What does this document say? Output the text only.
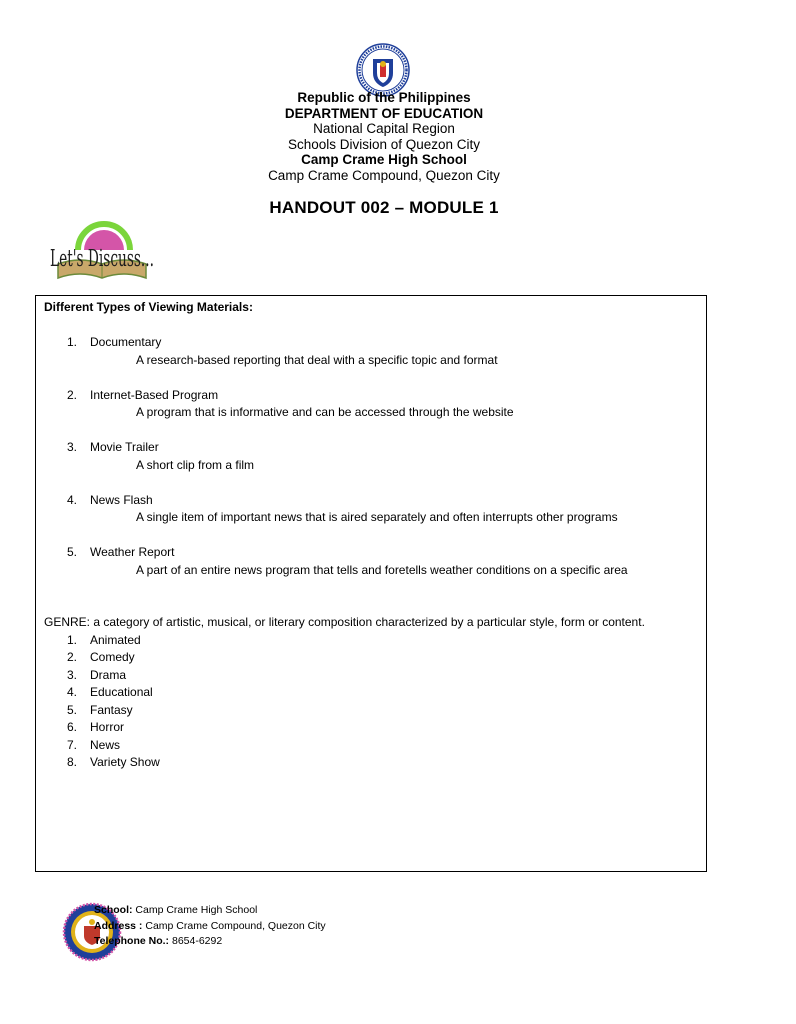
Republic of the Philippines
DEPARTMENT OF EDUCATION
National Capital Region
Schools Division of Quezon City
Camp Crame High School
Camp Crame Compound, Quezon City
HANDOUT 002 – MODULE 1
Let's Discuss...
Different Types of Viewing Materials:
1.	Documentary
A research-based reporting that deal with a specific topic and format
2.	Internet-Based Program
A program that is informative and can be accessed through the website
3.	Movie Trailer
A short clip from a film
4.	News Flash
A single item of important news that is aired separately and often interrupts other programs
5.	Weather Report
A part of an entire news program that tells and foretells weather conditions on a specific area
GENRE: a category of artistic, musical, or literary composition characterized by a particular style, form or content.
1.	Animated
2.	Comedy
3.	Drama
4.	Educational
5.	Fantasy
6.	Horror
7.	News
8.	Variety Show
School: Camp Crame High School
Address : Camp Crame Compound, Quezon City
Telephone No.: 8654-6292
